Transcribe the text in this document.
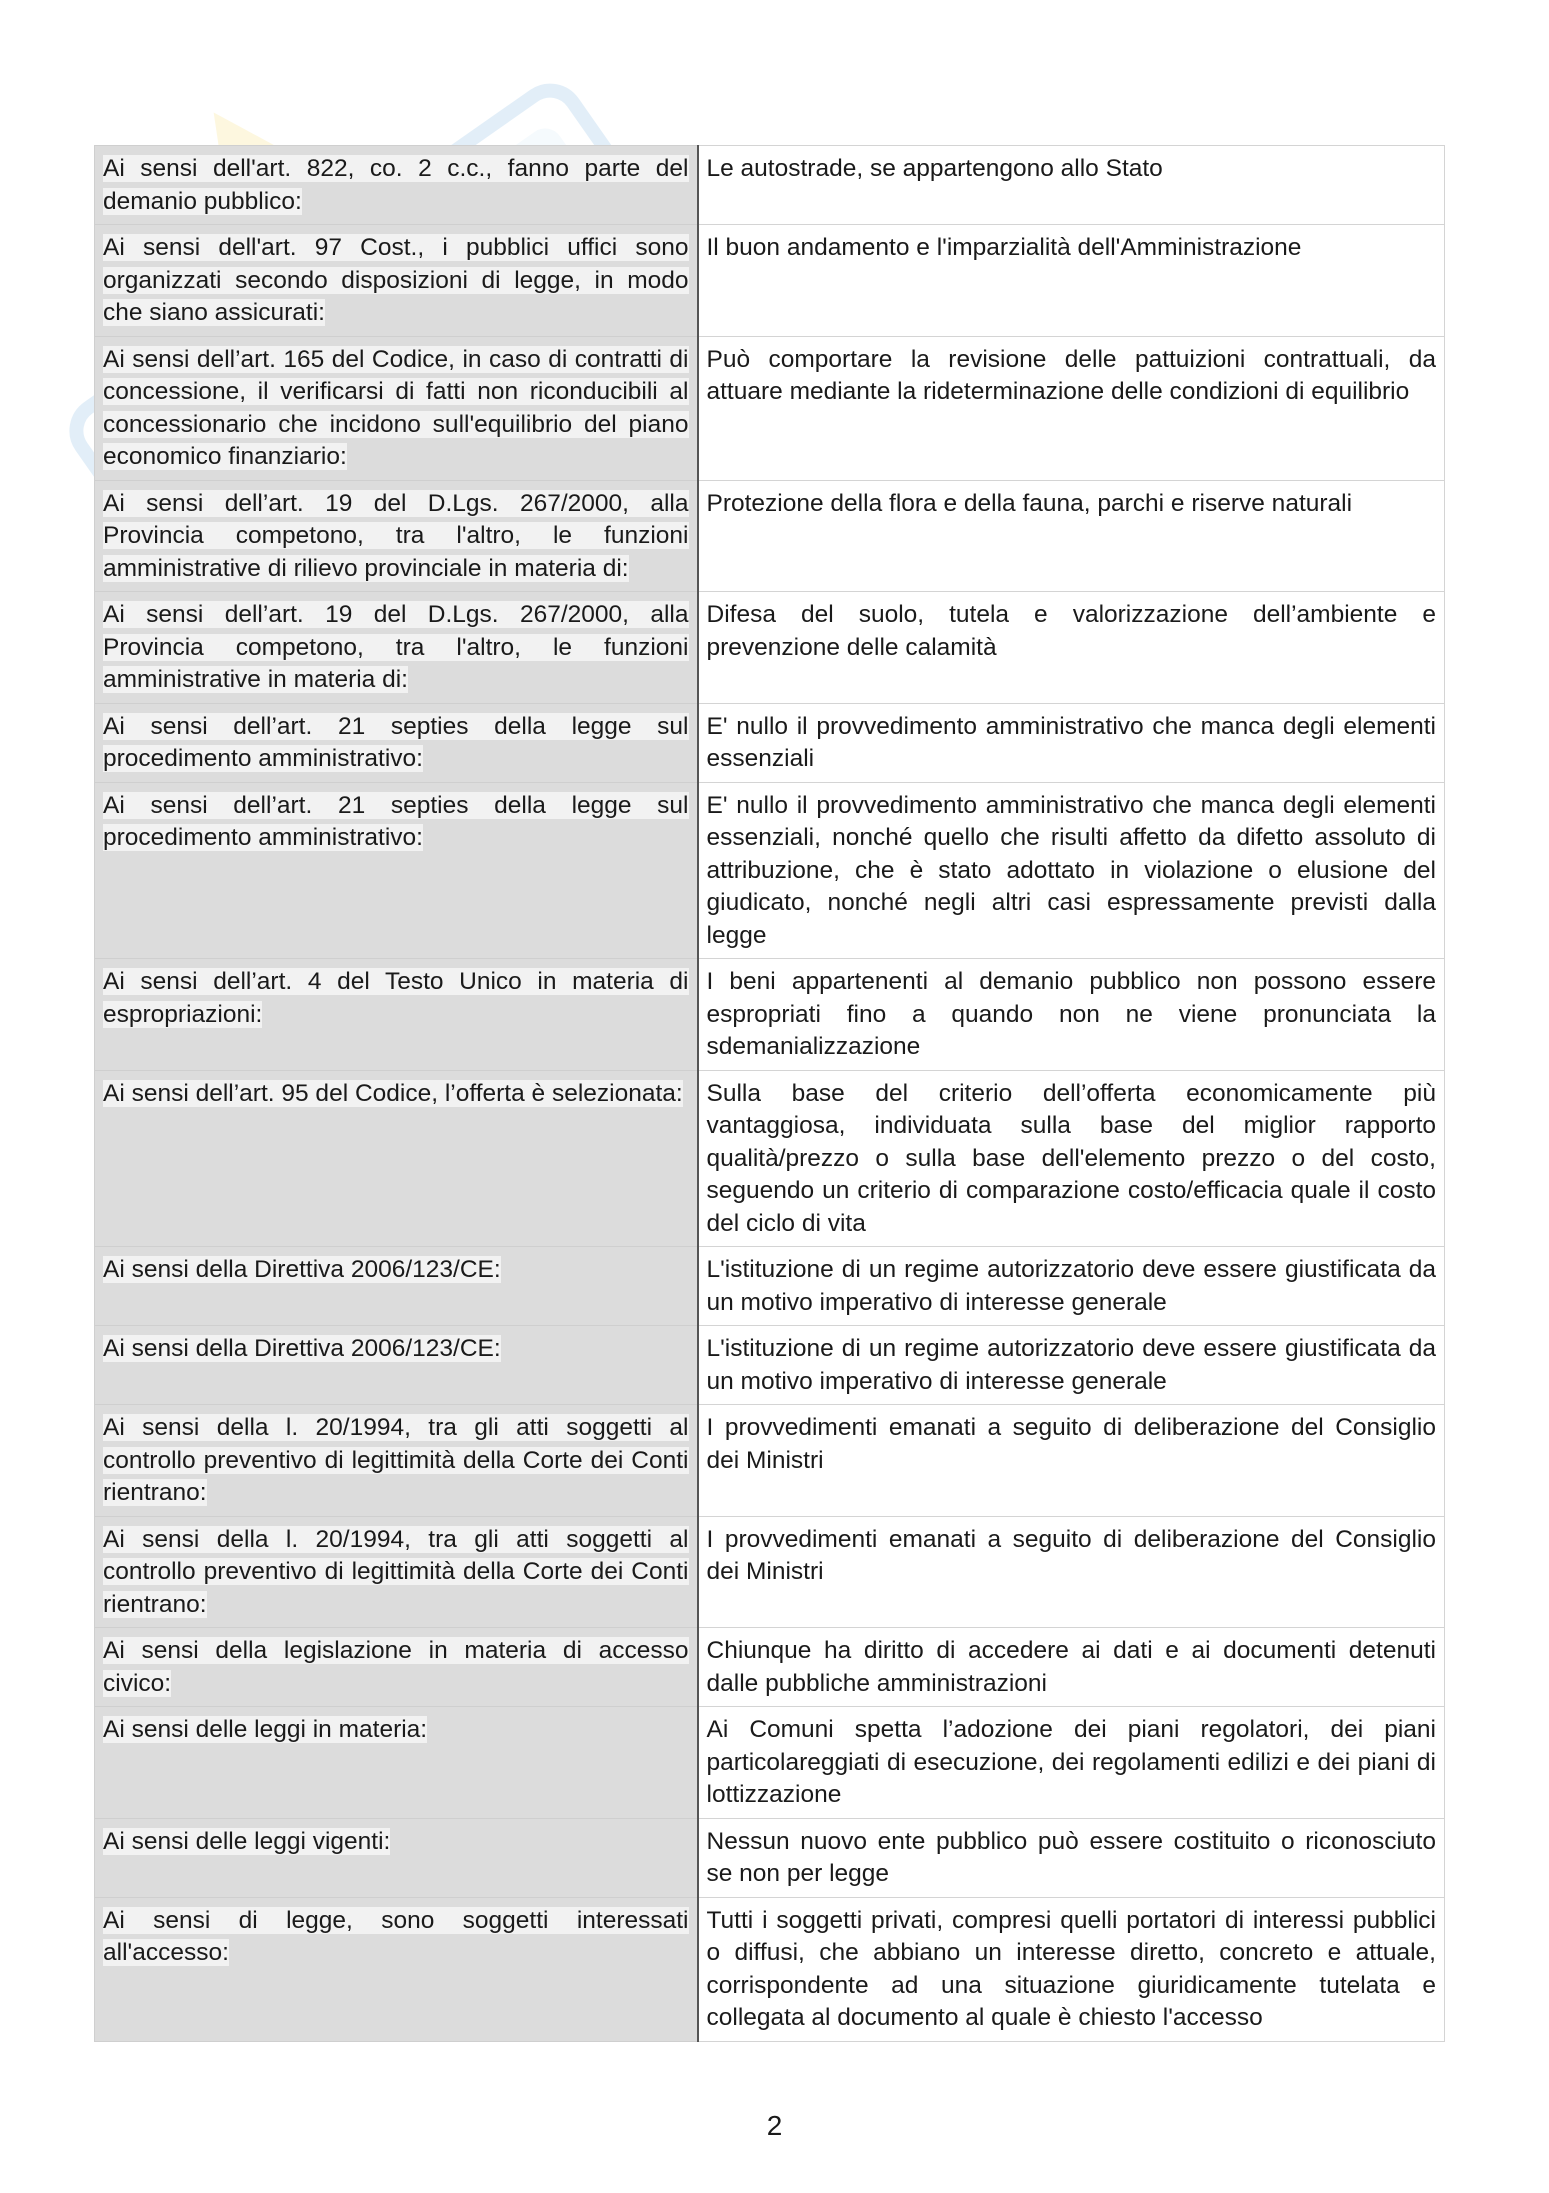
Ai sensi dell'art. 822, co. 2 c.c., fanno parte del demanio pubblico:	Le autostrade, se appartengono allo Stato
Ai sensi dell'art. 97 Cost., i pubblici uffici sono organizzati secondo disposizioni di legge, in modo che siano assicurati:	Il buon andamento e l'imparzialità dell'Amministrazione
Ai sensi dell’art. 165 del Codice, in caso di contratti di concessione, il verificarsi di fatti non riconducibili al concessionario che incidono sull'equilibrio del piano economico finanziario:	Può comportare la revisione delle pattuizioni contrattuali, da attuare mediante la rideterminazione delle condizioni di equilibrio
Ai sensi dell’art. 19 del D.Lgs. 267/2000, alla Provincia competono, tra l'altro, le funzioni amministrative di rilievo provinciale in materia di:	Protezione della flora e della fauna, parchi e riserve naturali
Ai sensi dell’art. 19 del D.Lgs. 267/2000, alla Provincia competono, tra l'altro, le funzioni amministrative in materia di:	Difesa del suolo, tutela e valorizzazione dell’ambiente e prevenzione delle calamità
Ai sensi dell’art. 21 septies della legge sul procedimento amministrativo:	E' nullo il provvedimento amministrativo che manca degli elementi essenziali
Ai sensi dell’art. 21 septies della legge sul procedimento amministrativo:	E' nullo il provvedimento amministrativo che manca degli elementi essenziali, nonché quello che risulti affetto da difetto assoluto di attribuzione, che è stato adottato in violazione o elusione del giudicato, nonché negli altri casi espressamente previsti dalla legge
Ai sensi dell’art. 4 del Testo Unico in materia di espropriazioni:	I beni appartenenti al demanio pubblico non possono essere espropriati fino a quando non ne viene pronunciata la sdemanializzazione
Ai sensi dell’art. 95 del Codice, l’offerta è selezionata:	Sulla base del criterio dell’offerta economicamente più vantaggiosa, individuata sulla base del miglior rapporto qualità/prezzo o sulla base dell'elemento prezzo o del costo, seguendo un criterio di comparazione costo/efficacia quale il costo del ciclo di vita
Ai sensi della Direttiva 2006/123/CE:	L'istituzione di un regime autorizzatorio deve essere giustificata da un motivo imperativo di interesse generale
Ai sensi della Direttiva 2006/123/CE:	L'istituzione di un regime autorizzatorio deve essere giustificata da un motivo imperativo di interesse generale
Ai sensi della l. 20/1994, tra gli atti soggetti al controllo preventivo di legittimità della Corte dei Conti rientrano:	I provvedimenti emanati a seguito di deliberazione del Consiglio dei Ministri
Ai sensi della l. 20/1994, tra gli atti soggetti al controllo preventivo di legittimità della Corte dei Conti rientrano:	I provvedimenti emanati a seguito di deliberazione del Consiglio dei Ministri
Ai sensi della legislazione in materia di accesso civico:	Chiunque ha diritto di accedere ai dati e ai documenti detenuti dalle pubbliche amministrazioni
Ai sensi delle leggi in materia:	Ai Comuni spetta l’adozione dei piani regolatori, dei piani particolareggiati di esecuzione, dei regolamenti edilizi e dei piani di lottizzazione
Ai sensi delle leggi vigenti:	Nessun nuovo ente pubblico può essere costituito o riconosciuto se non per legge
Ai sensi di legge, sono soggetti interessati all'accesso:	Tutti i soggetti privati, compresi quelli portatori di interessi pubblici o diffusi, che abbiano un interesse diretto, concreto e attuale, corrispondente ad una situazione giuridicamente tutelata e collegata al documento al quale è chiesto l'accesso
2
